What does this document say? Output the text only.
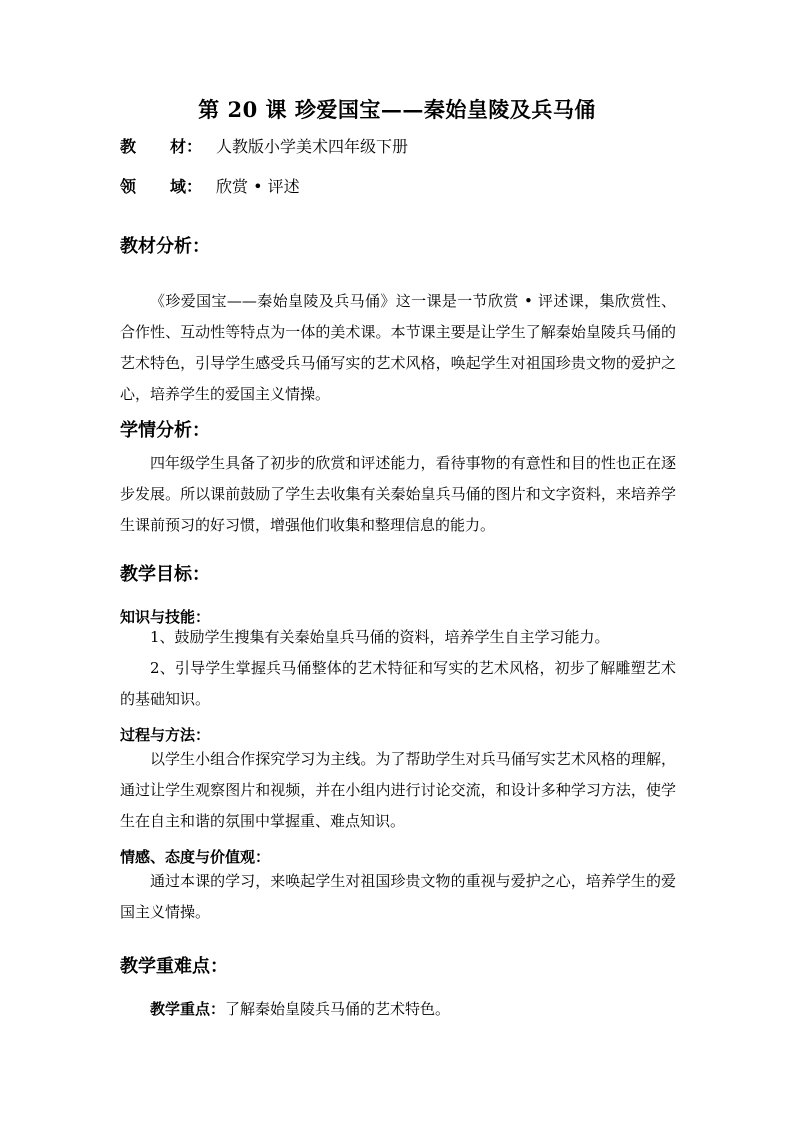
第 20 课 珍爱国宝——秦始皇陵及兵马俑
教 材： 人教版小学美术四年级下册
领 域： 欣赏 • 评述
教材分析：
《珍爱国宝——秦始皇陵及兵马俑》这一课是一节欣赏 • 评述课，集欣赏性、合作性、互动性等特点为一体的美术课。本节课主要是让学生了解秦始皇陵兵马俑的艺术特色，引导学生感受兵马俑写实的艺术风格，唤起学生对祖国珍贵文物的爱护之心，培养学生的爱国主义情操。
学情分析：
四年级学生具备了初步的欣赏和评述能力，看待事物的有意性和目的性也正在逐步发展。所以课前鼓励了学生去收集有关秦始皇兵马俑的图片和文字资料，来培养学生课前预习的好习惯，增强他们收集和整理信息的能力。
教学目标：
知识与技能：
1、鼓励学生搜集有关秦始皇兵马俑的资料，培养学生自主学习能力。
2、引导学生掌握兵马俑整体的艺术特征和写实的艺术风格，初步了解雕塑艺术的基础知识。
过程与方法：
以学生小组合作探究学习为主线。为了帮助学生对兵马俑写实艺术风格的理解，通过让学生观察图片和视频，并在小组内进行讨论交流，和设计多种学习方法，使学生在自主和谐的氛围中掌握重、难点知识。
情感、态度与价值观：
通过本课的学习，来唤起学生对祖国珍贵文物的重视与爱护之心，培养学生的爱国主义情操。
教学重难点：
教学重点：了解秦始皇陵兵马俑的艺术特色。
